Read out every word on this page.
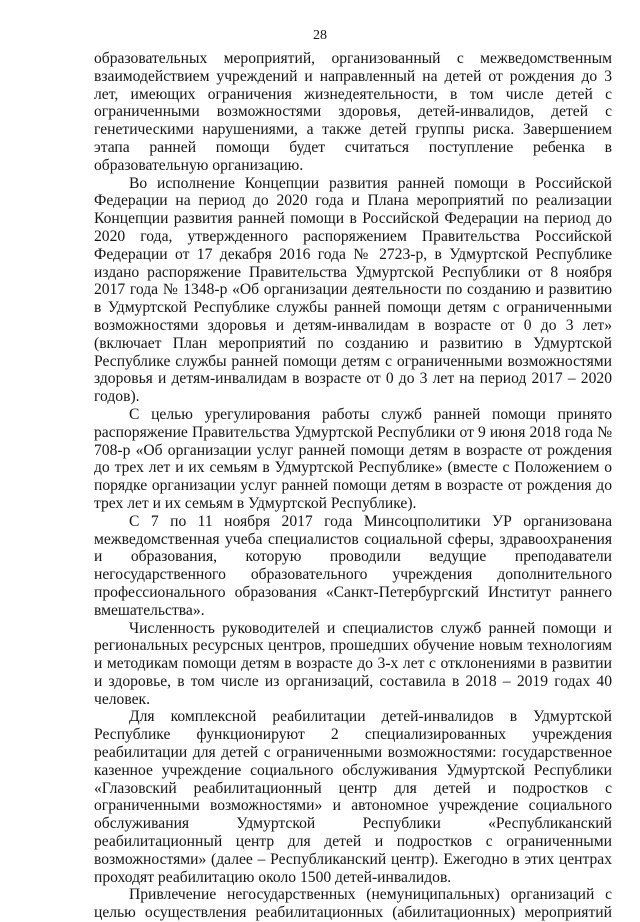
28

образовательных мероприятий, организованный с межведомственным взаимодействием учреждений и направленный на детей от рождения до 3 лет, имеющих ограничения жизнедеятельности, в том числе детей с ограниченными возможностями здоровья, детей-инвалидов, детей с генетическими нарушениями, а также детей группы риска. Завершением этапа ранней помощи будет считаться поступление ребенка в образовательную организацию.

Во исполнение Концепции развития ранней помощи в Российской Федерации на период до 2020 года и Плана мероприятий по реализации Концепции развития ранней помощи в Российской Федерации на период до 2020 года, утвержденного распоряжением Правительства Российской Федерации от 17 декабря 2016 года № 2723-р, в Удмуртской Республике издано распоряжение Правительства Удмуртской Республики от 8 ноября 2017 года № 1348-р «Об организации деятельности по созданию и развитию в Удмуртской Республике службы ранней помощи детям с ограниченными возможностями здоровья и детям-инвалидам в возрасте от 0 до 3 лет» (включает План мероприятий по созданию и развитию в Удмуртской Республике службы ранней помощи детям с ограниченными возможностями здоровья и детям-инвалидам в возрасте от 0 до 3 лет на период 2017 – 2020 годов).

С целью урегулирования работы служб ранней помощи принято распоряжение Правительства Удмуртской Республики от 9 июня 2018 года № 708-р «Об организации услуг ранней помощи детям в возрасте от рождения до трех лет и их семьям в Удмуртской Республике» (вместе с Положением о порядке организации услуг ранней помощи детям в возрасте от рождения до трех лет и их семьям в Удмуртской Республике).

С 7 по 11 ноября 2017 года Минсоцполитики УР организована межведомственная учеба специалистов социальной сферы, здравоохранения и образования, которую проводили ведущие преподаватели негосударственного образовательного учреждения дополнительного профессионального образования «Санкт-Петербургский Институт раннего вмешательства».

Численность руководителей и специалистов служб ранней помощи и региональных ресурсных центров, прошедших обучение новым технологиям и методикам помощи детям в возрасте до 3-х лет с отклонениями в развитии и здоровье, в том числе из организаций, составила в 2018 – 2019 годах 40 человек.

Для комплексной реабилитации детей-инвалидов в Удмуртской Республике функционируют 2 специализированных учреждения реабилитации для детей с ограниченными возможностями: государственное казенное учреждение социального обслуживания Удмуртской Республики «Глазовский реабилитационный центр для детей и подростков с ограниченными возможностями» и автономное учреждение социального обслуживания Удмуртской Республики «Республиканский реабилитационный центр для детей и подростков с ограниченными возможностями» (далее – Республиканский центр). Ежегодно в этих центрах проходят реабилитацию около 1500 детей-инвалидов.

Привлечение негосударственных (немуниципальных) организаций с целью осуществления реабилитационных (абилитационных) мероприятий
